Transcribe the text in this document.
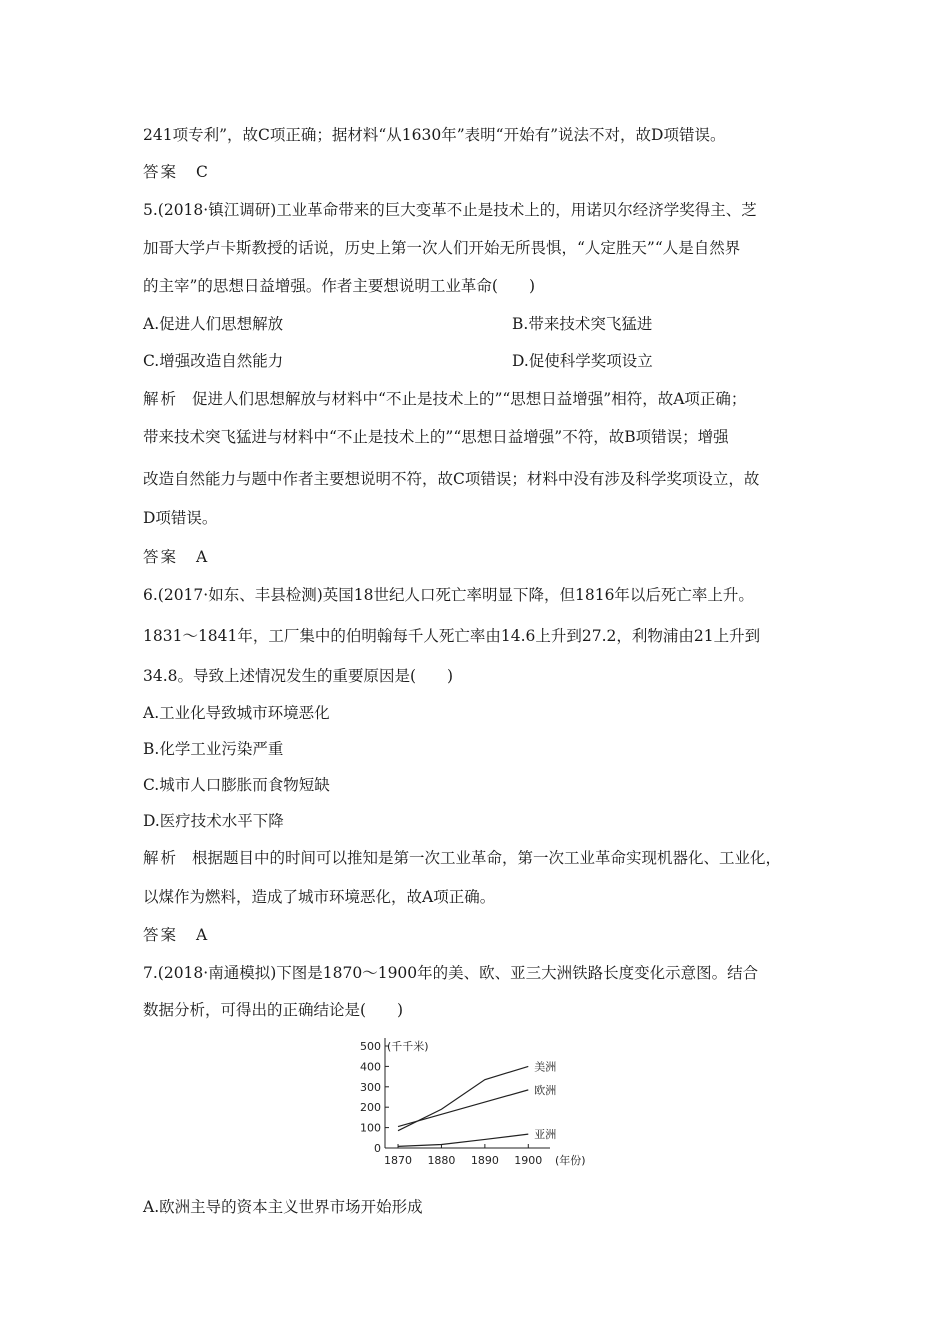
241项专利”，故C项正确；据材料“从1630年”表明“开始有”说法不对，故D项错误。
答案 C
5.(2018·镇江调研)工业革命带来的巨大变革不止是技术上的，用诺贝尔经济学奖得主、芝
加哥大学卢卡斯教授的话说，历史上第一次人们开始无所畏惧，“人定胜天”“人是自然界
的主宰”的思想日益增强。作者主要想说明工业革命(　　)
A.促进人们思想解放	B.带来技术突飞猛进
C.增强改造自然能力	D.促使科学奖项设立
解析 促进人们思想解放与材料中“不止是技术上的”“思想日益增强”相符，故A项正确；
带来技术突飞猛进与材料中“不止是技术上的”“思想日益增强”不符，故B项错误；增强
改造自然能力与题中作者主要想说明不符，故C项错误；材料中没有涉及科学奖项设立，故
D项错误。
答案 A
6.(2017·如东、丰县检测)英国18世纪人口死亡率明显下降，但1816年以后死亡率上升。
1831～1841年，工厂集中的伯明翰每千人死亡率由14.6上升到27.2，利物浦由21上升到
34.8。导致上述情况发生的重要原因是(　　)
A.工业化导致城市环境恶化
B.化学工业污染严重
C.城市人口膨胀而食物短缺
D.医疗技术水平下降
解析 根据题目中的时间可以推知是第一次工业革命，第一次工业革命实现机器化、工业化，
以煤作为燃料，造成了城市环境恶化，故A项正确。
答案 A
7.(2018·南通模拟)下图是1870～1900年的美、欧、亚三大洲铁路长度变化示意图。结合
数据分析，可得出的正确结论是(　　)
0
100
200
300
400
500 (千千米)
1870 1880 1890 1900 (年份)
美洲
欧洲
亚洲
A.欧洲主导的资本主义世界市场开始形成
